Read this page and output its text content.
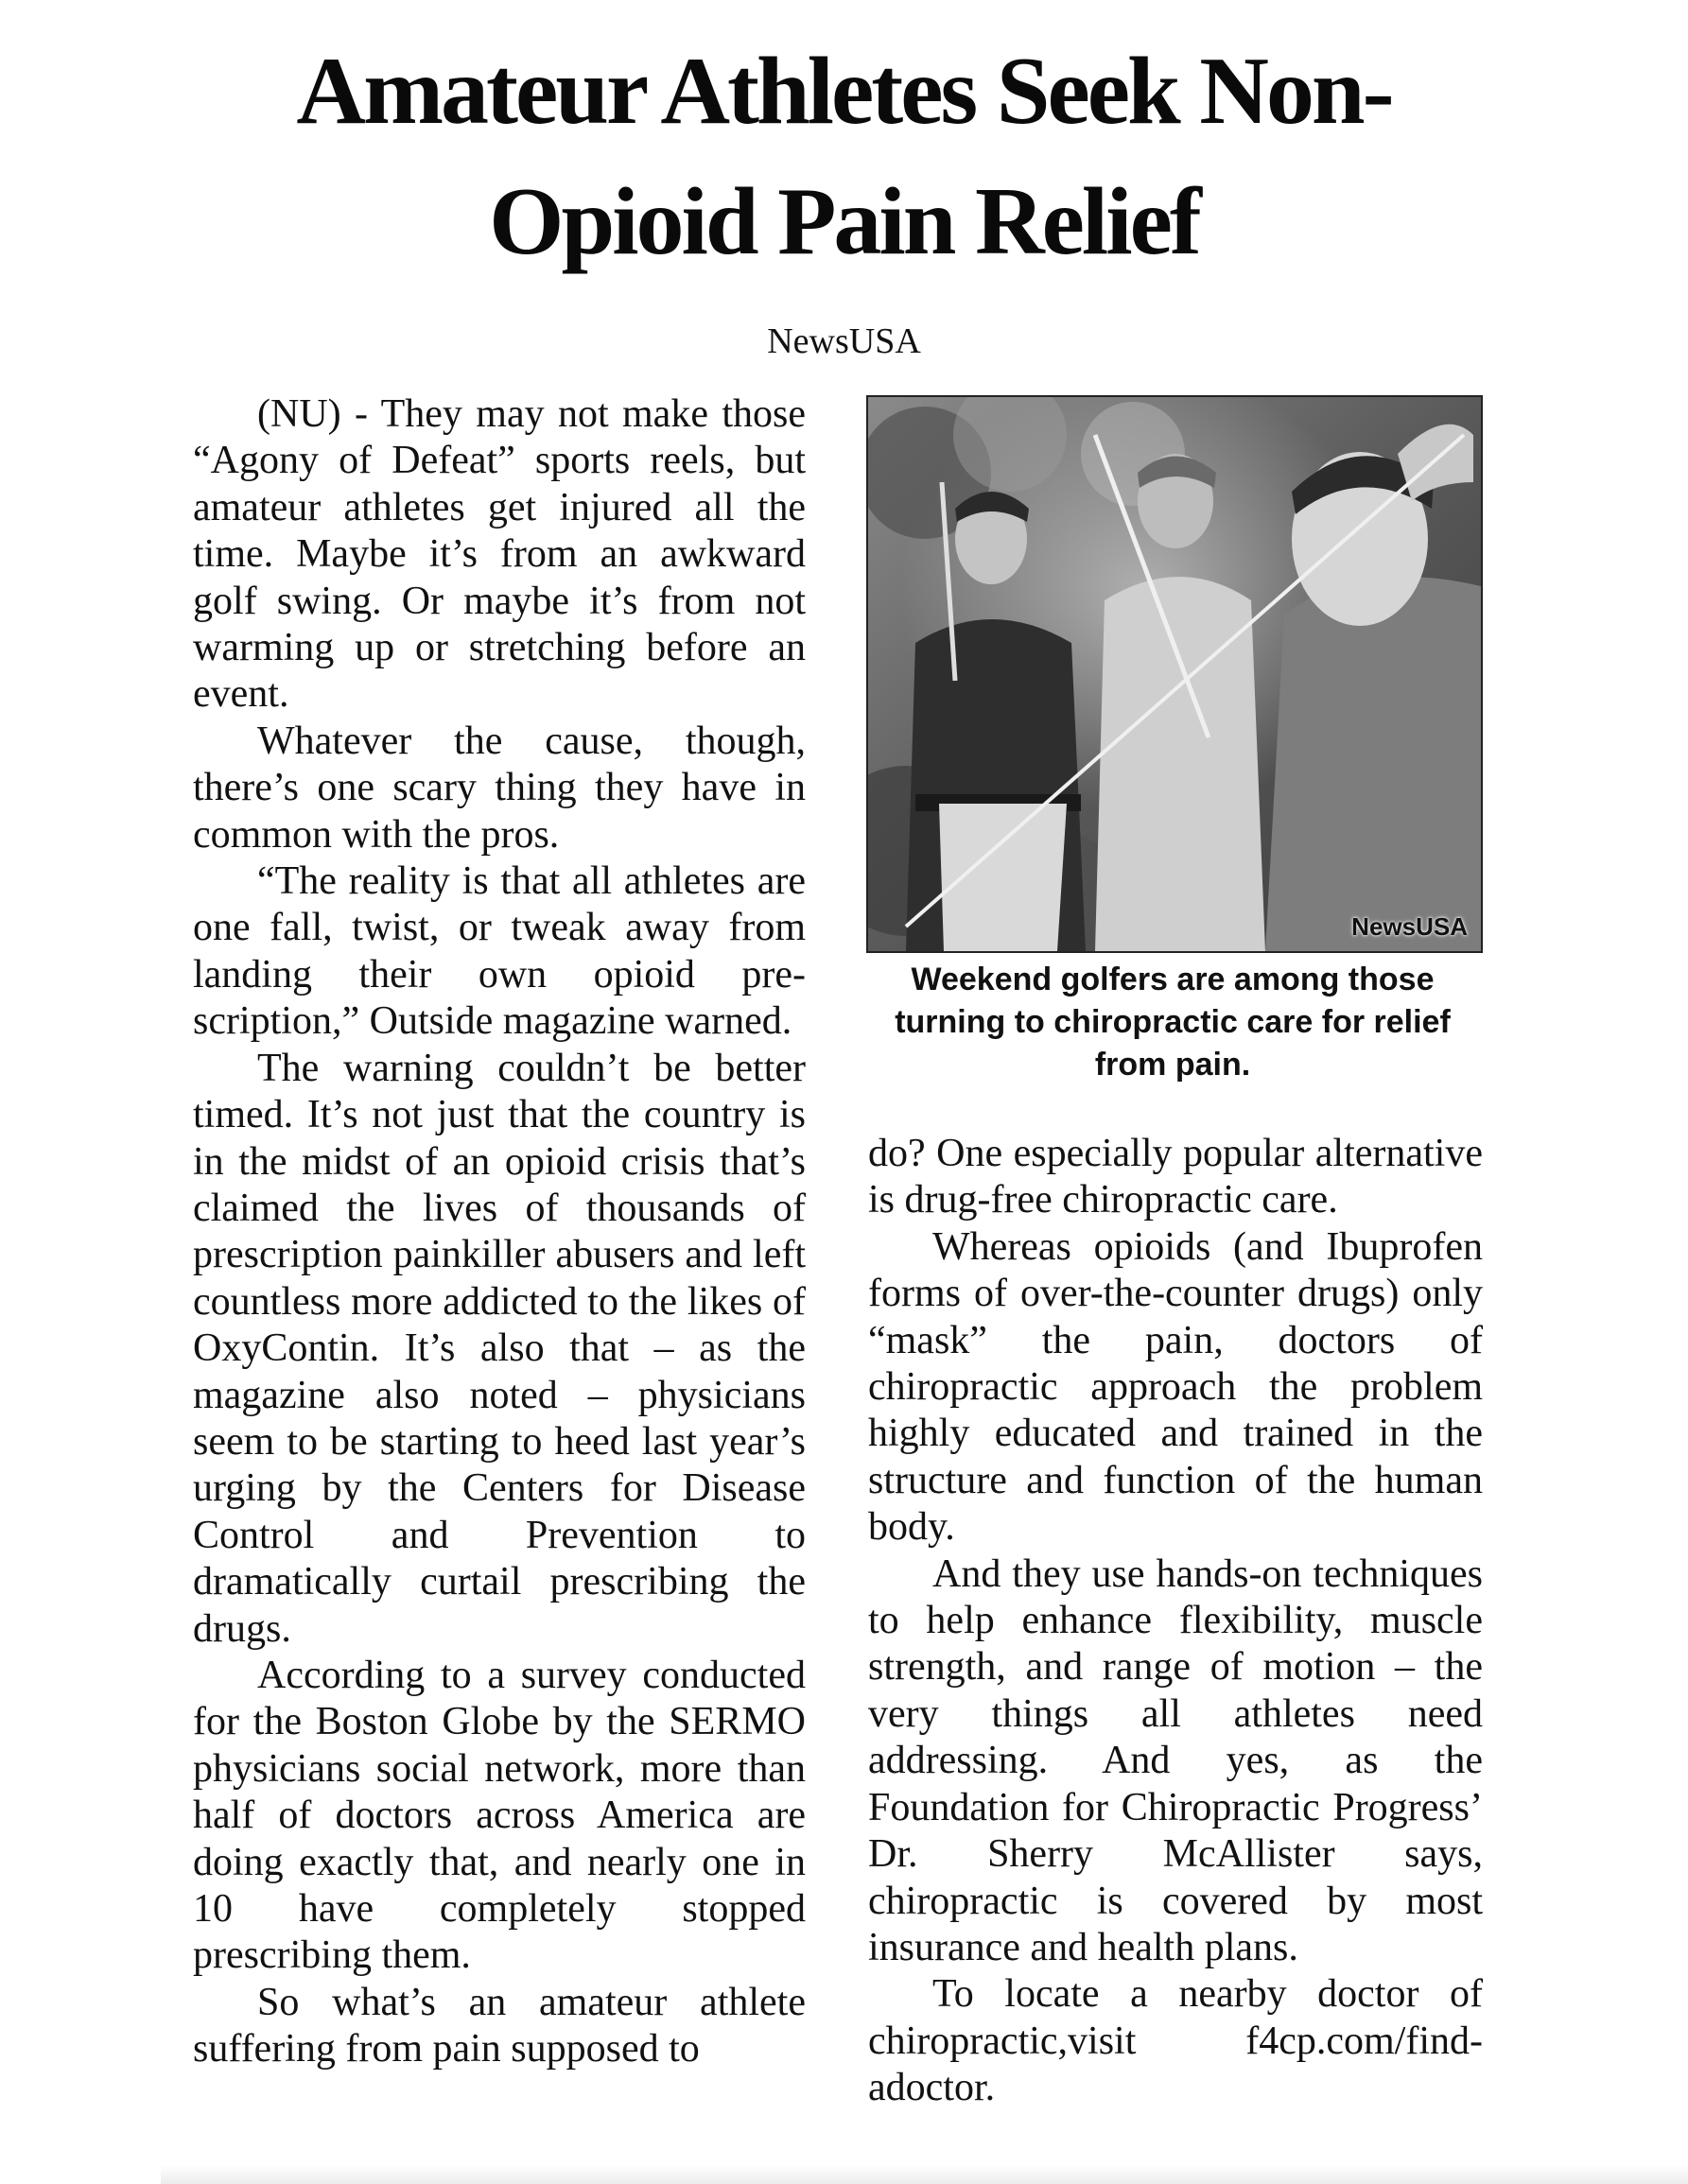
Amateur Athletes Seek Non-
Opioid Pain Relief
NewsUSA

(NU) - They may not make those “Agony of Defeat” sports reels, but amateur athletes get injured all the time. Maybe it’s from an awkward golf swing. Or maybe it’s from not warming up or stretching before an event.

Whatever the cause, though, there’s one scary thing they have in common with the pros.

“The reality is that all athletes are one fall, twist, or tweak away from landing their own opioid prescription,” Outside magazine warned.

The warning couldn’t be better timed. It’s not just that the country is in the midst of an opioid crisis that’s claimed the lives of thousands of prescription painkiller abusers and left countless more addicted to the likes of OxyContin. It’s also that – as the magazine also noted – physicians seem to be starting to heed last year’s urging by the Centers for Disease Control and Prevention to dramatically curtail prescribing the drugs.

According to a survey conducted for the Boston Globe by the SERMO physicians social network, more than half of doctors across America are doing exactly that, and nearly one in 10 have completely stopped prescribing them.

So what’s an amateur athlete suffering from pain supposed to

NewsUSA
Weekend golfers are among those turning to chiropractic care for relief from pain.

do? One especially popular alternative is drug-free chiropractic care.

Whereas opioids (and Ibuprofen forms of over-the-counter drugs) only “mask” the pain, doctors of chiropractic approach the problem highly educated and trained in the structure and function of the human body.

And they use hands-on techniques to help enhance flexibility, muscle strength, and range of motion – the very things all athletes need addressing. And yes, as the Foundation for Chiropractic Progress’ Dr. Sherry McAllister says, chiropractic is covered by most insurance and health plans.

To locate a nearby doctor of chiropractic,visit f4cp.com/findadoctor.
